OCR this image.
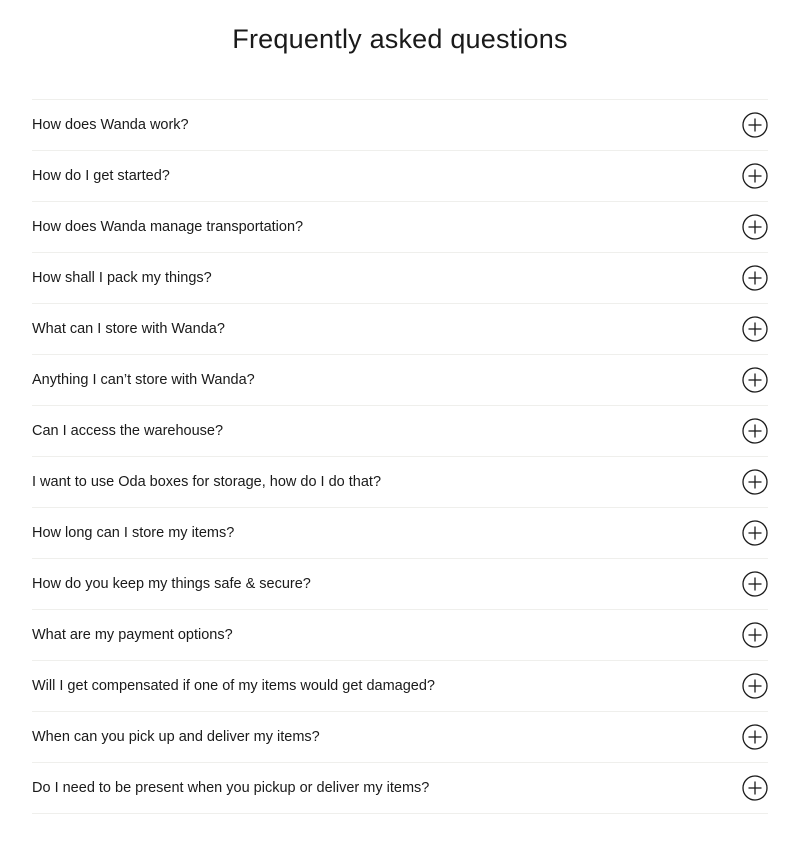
Frequently asked questions
How does Wanda work?
How do I get started?
How does Wanda manage transportation?
How shall I pack my things?
What can I store with Wanda?
Anything I can’t store with Wanda?
Can I access the warehouse?
I want to use Oda boxes for storage, how do I do that?
How long can I store my items?
How do you keep my things safe & secure?
What are my payment options?
Will I get compensated if one of my items would get damaged?
When can you pick up and deliver my items?
Do I need to be present when you pickup or deliver my items?
